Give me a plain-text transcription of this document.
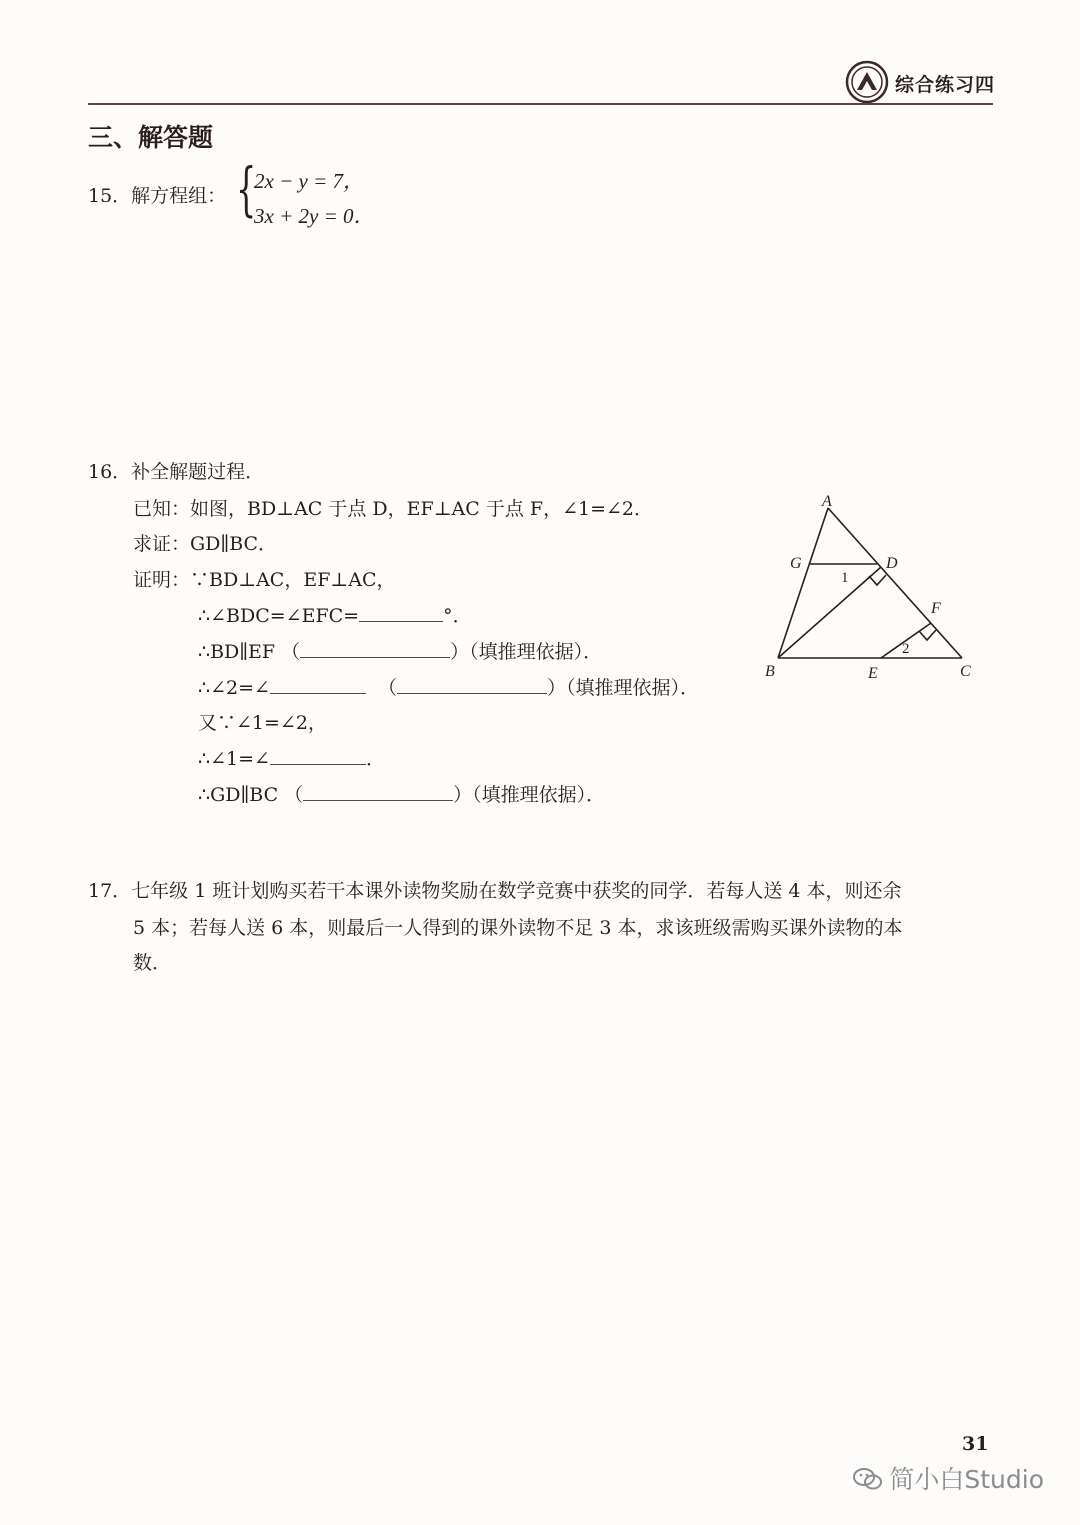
综合练习四
三、解答题
15．解方程组： {
2x − y = 7，
3x + 2y = 0．
16．补全解题过程．
已知：如图，BD⊥AC 于点 D，EF⊥AC 于点 F，∠1=∠2．
求证：GD∥BC．
证明：∵BD⊥AC，EF⊥AC，
∴∠BDC=∠EFC=	°．
∴BD∥EF （	）（填推理依据）．
∴∠2=∠	（	）（填推理依据）．
又∵∠1=∠2，
∴∠1=∠	．
∴GD∥BC （	）（填推理依据）．
A
G	D
F
B	E	C
1
2
17．七年级 1 班计划购买若干本课外读物奖励在数学竞赛中获奖的同学．若每人送 4 本，则还余
5 本；若每人送 6 本，则最后一人得到的课外读物不足 3 本，求该班级需购买课外读物的本
数．
31
简小白Studio
